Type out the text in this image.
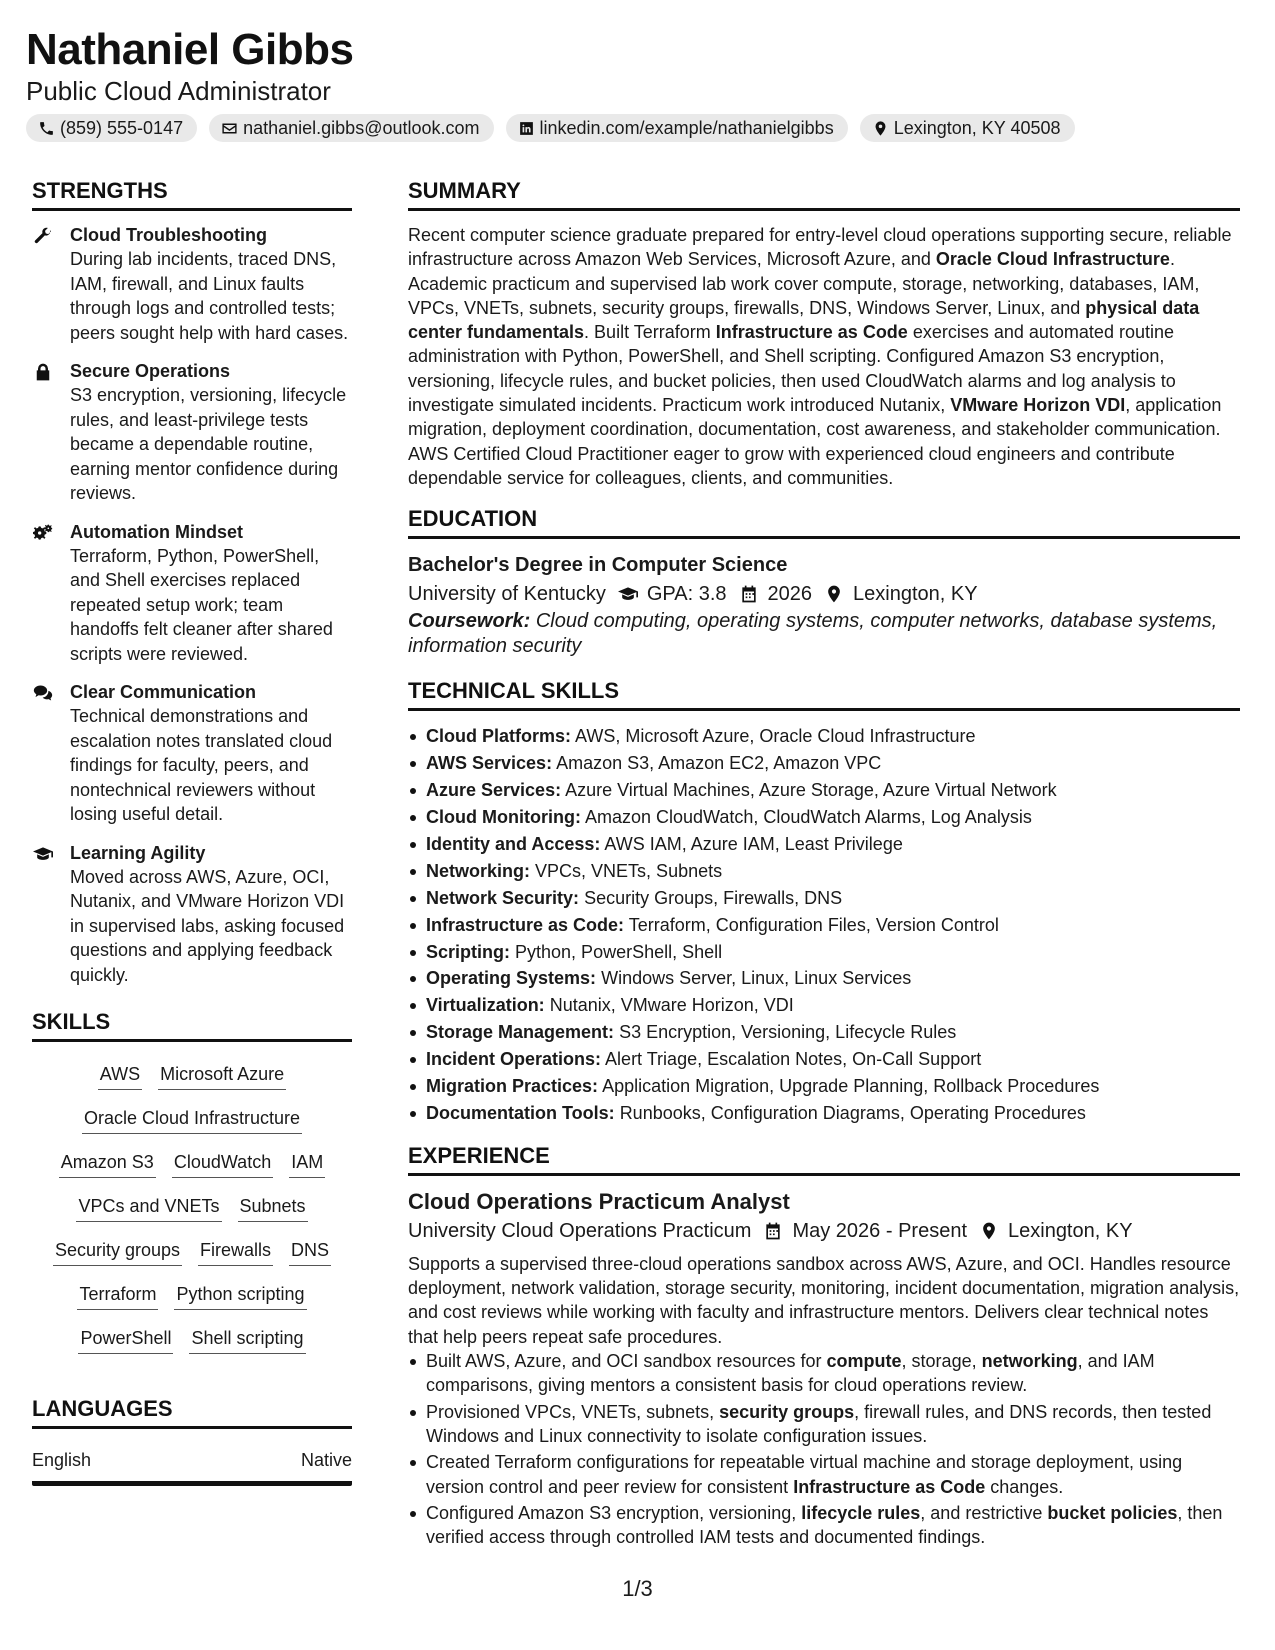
Nathaniel Gibbs
Public Cloud Administrator
(859) 555-0147	nathaniel.gibbs@outlook.com	linkedin.com/example/nathanielgibbs	Lexington, KY 40508
STRENGTHS
Cloud Troubleshooting
During lab incidents, traced DNS, IAM, firewall, and Linux faults through logs and controlled tests; peers sought help with hard cases.
Secure Operations
S3 encryption, versioning, lifecycle rules, and least-privilege tests became a dependable routine, earning mentor confidence during reviews.
Automation Mindset
Terraform, Python, PowerShell, and Shell exercises replaced repeated setup work; team handoffs felt cleaner after shared scripts were reviewed.
Clear Communication
Technical demonstrations and escalation notes translated cloud findings for faculty, peers, and nontechnical reviewers without losing useful detail.
Learning Agility
Moved across AWS, Azure, OCI, Nutanix, and VMware Horizon VDI in supervised labs, asking focused questions and applying feedback quickly.
SKILLS
AWS Microsoft Azure
Oracle Cloud Infrastructure
Amazon S3 CloudWatch IAM
VPCs and VNETs Subnets
Security groups Firewalls DNS
Terraform Python scripting
PowerShell Shell scripting
LANGUAGES
English	Native
SUMMARY
Recent computer science graduate prepared for entry-level cloud operations supporting secure, reliable infrastructure across Amazon Web Services, Microsoft Azure, and Oracle Cloud Infrastructure. Academic practicum and supervised lab work cover compute, storage, networking, databases, IAM, VPCs, VNETs, subnets, security groups, firewalls, DNS, Windows Server, Linux, and physical data center fundamentals. Built Terraform Infrastructure as Code exercises and automated routine administration with Python, PowerShell, and Shell scripting. Configured Amazon S3 encryption, versioning, lifecycle rules, and bucket policies, then used CloudWatch alarms and log analysis to investigate simulated incidents. Practicum work introduced Nutanix, VMware Horizon VDI, application migration, deployment coordination, documentation, cost awareness, and stakeholder communication. AWS Certified Cloud Practitioner eager to grow with experienced cloud engineers and contribute dependable service for colleagues, clients, and communities.
EDUCATION
Bachelor's Degree in Computer Science
University of Kentucky GPA: 3.8 2026 Lexington, KY
Coursework: Cloud computing, operating systems, computer networks, database systems, information security
TECHNICAL SKILLS
Cloud Platforms: AWS, Microsoft Azure, Oracle Cloud Infrastructure
AWS Services: Amazon S3, Amazon EC2, Amazon VPC
Azure Services: Azure Virtual Machines, Azure Storage, Azure Virtual Network
Cloud Monitoring: Amazon CloudWatch, CloudWatch Alarms, Log Analysis
Identity and Access: AWS IAM, Azure IAM, Least Privilege
Networking: VPCs, VNETs, Subnets
Network Security: Security Groups, Firewalls, DNS
Infrastructure as Code: Terraform, Configuration Files, Version Control
Scripting: Python, PowerShell, Shell
Operating Systems: Windows Server, Linux, Linux Services
Virtualization: Nutanix, VMware Horizon, VDI
Storage Management: S3 Encryption, Versioning, Lifecycle Rules
Incident Operations: Alert Triage, Escalation Notes, On-Call Support
Migration Practices: Application Migration, Upgrade Planning, Rollback Procedures
Documentation Tools: Runbooks, Configuration Diagrams, Operating Procedures
EXPERIENCE
Cloud Operations Practicum Analyst
University Cloud Operations Practicum May 2026 - Present Lexington, KY
Supports a supervised three-cloud operations sandbox across AWS, Azure, and OCI. Handles resource deployment, network validation, storage security, monitoring, incident documentation, migration analysis, and cost reviews while working with faculty and infrastructure mentors. Delivers clear technical notes that help peers repeat safe procedures.
Built AWS, Azure, and OCI sandbox resources for compute, storage, networking, and IAM comparisons, giving mentors a consistent basis for cloud operations review.
Provisioned VPCs, VNETs, subnets, security groups, firewall rules, and DNS records, then tested Windows and Linux connectivity to isolate configuration issues.
Created Terraform configurations for repeatable virtual machine and storage deployment, using version control and peer review for consistent Infrastructure as Code changes.
Configured Amazon S3 encryption, versioning, lifecycle rules, and restrictive bucket policies, then verified access through controlled IAM tests and documented findings.
1/3
